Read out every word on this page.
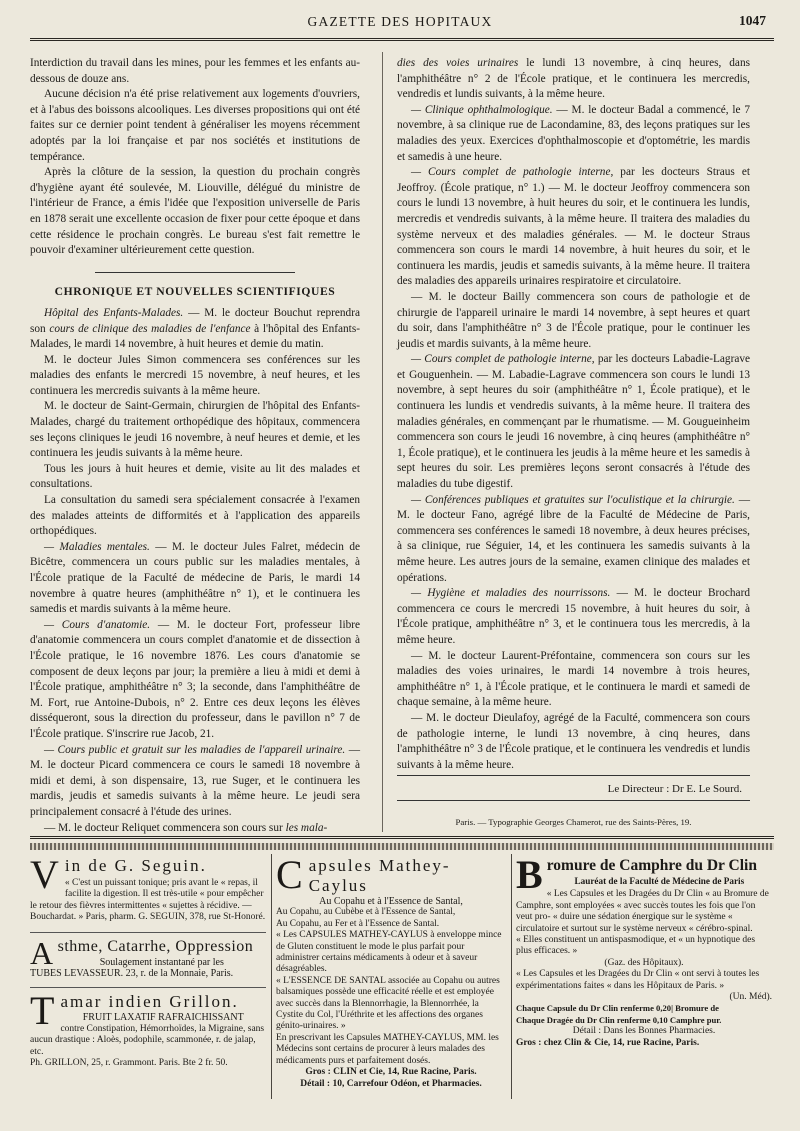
GAZETTE DES HOPITAUX	1047

Interdiction du travail dans les mines, pour les femmes et les enfants au-dessous de douze ans.

Aucune décision n'a été prise relativement aux logements d'ouvriers, et à l'abus des boissons alcooliques. Les diverses propositions qui ont été faites sur ce dernier point tendent à généraliser les moyens récemment adoptés par la loi française et par nos sociétés et institutions de tempérance.

Après la clôture de la session, la question du prochain congrès d'hygiène ayant été soulevée, M. Liouville, délégué du ministre de l'intérieur de France, a émis l'idée que l'exposition universelle de Paris en 1878 serait une excellente occasion de fixer pour cette époque et dans cette résidence le prochain congrès. Le bureau s'est fait remettre le pouvoir d'examiner ultérieurement cette question.

CHRONIQUE ET NOUVELLES SCIENTIFIQUES

Hôpital des Enfants-Malades. — M. le docteur Bouchut reprendra son cours de clinique des maladies de l'enfance à l'hôpital des Enfants-Malades, le mardi 14 novembre, à huit heures et demie du matin.

M. le docteur Jules Simon commencera ses conférences sur les maladies des enfants le mercredi 15 novembre, à neuf heures, et les continuera les mercredis suivants à la même heure.

M. le docteur de Saint-Germain, chirurgien de l'hôpital des Enfants-Malades, chargé du traitement orthopédique des hôpitaux, commencera ses leçons cliniques le jeudi 16 novembre, à neuf heures et demie, et les continuera les jeudis suivants à la même heure.

Tous les jours à huit heures et demie, visite au lit des malades et consultations.

La consultation du samedi sera spécialement consacrée à l'examen des malades atteints de difformités et à l'application des appareils orthopédiques.

— Maladies mentales. — M. le docteur Jules Falret, médecin de Bicêtre, commencera un cours public sur les maladies mentales, à l'École pratique de la Faculté de médecine de Paris, le mardi 14 novembre à quatre heures (amphithéâtre n° 1), et le continuera les samedis et mardis suivants à la même heure.

— Cours d'anatomie. — M. le docteur Fort, professeur libre d'anatomie commencera un cours complet d'anatomie et de dissection à l'École pratique, le 16 novembre 1876. Les cours d'anatomie se composent de deux leçons par jour; la première a lieu à midi et demi à l'École pratique, amphithéâtre n° 3; la seconde, dans l'amphithéâtre de M. Fort, rue Antoine-Dubois, n° 2. Entre ces deux leçons les élèves disséqueront, sous la direction du professeur, dans le pavillon n° 7 de l'École pratique. S'inscrire rue Jacob, 21.

— Cours public et gratuit sur les maladies de l'appareil urinaire. — M. le docteur Picard commencera ce cours le samedi 18 novembre à midi et demi, à son dispensaire, 13, rue Suger, et le continuera les mardis, jeudis et samedis suivants à la même heure. Le jeudi sera principalement consacré à l'étude des urines.

— M. le docteur Reliquet commencera son cours sur les mala-

dies des voies urinaires le lundi 13 novembre, à cinq heures, dans l'amphithéâtre n° 2 de l'École pratique, et le continuera les mercredis, vendredis et lundis suivants, à la même heure.

— Clinique ophthalmologique. — M. le docteur Badal a commencé, le 7 novembre, à sa clinique rue de Lacondamine, 83, des leçons pratiques sur les maladies des yeux. Exercices d'ophthalmoscopie et d'optométrie, les mardis et samedis à une heure.

— Cours complet de pathologie interne, par les docteurs Straus et Jeoffroy. (École pratique, n° 1.) — M. le docteur Jeoffroy commencera son cours le lundi 13 novembre, à huit heures du soir, et le continuera les lundis, mercredis et vendredis suivants, à la même heure. Il traitera des maladies du système nerveux et des maladies générales. — M. le docteur Straus commencera son cours le mardi 14 novembre, à huit heures du soir, et le continuera les mardis, jeudis et samedis suivants, à la même heure. Il traitera des maladies des appareils urinaires respiratoire et circulatoire.

— M. le docteur Bailly commencera son cours de pathologie et de chirurgie de l'appareil urinaire le mardi 14 novembre, à sept heures et quart du soir, dans l'amphithéâtre n° 3 de l'École pratique, pour le continuer les jeudis et mardis suivants, à la même heure.

— Cours complet de pathologie interne, par les docteurs Labadie-Lagrave et Gouguenhein. — M. Labadie-Lagrave commencera son cours le lundi 13 novembre, à sept heures du soir (amphithéâtre n° 1, École pratique), et le continuera les lundis et vendredis suivants, à la même heure. Il traitera des maladies générales, en commençant par le rhumatisme. — M. Gougueinheim commencera son cours le jeudi 16 novembre, à cinq heures (amphithéâtre n° 1, École pratique), et le continuera les jeudis à la même heure et les samedis à sept heures du soir. Les premières leçons seront consacrés à l'étude des maladies du tube digestif.

— Conférences publiques et gratuites sur l'oculistique et la chirurgie. — M. le docteur Fano, agrégé libre de la Faculté de Médecine de Paris, commencera ses conférences le samedi 18 novembre, à deux heures précises, à sa clinique, rue Séguier, 14, et les continuera les samedis suivants à la même heure. Les autres jours de la semaine, examen clinique des malades et opérations.

— Hygiène et maladies des nourrissons. — M. le docteur Brochard commencera ce cours le mercredi 15 novembre, à huit heures du soir, à l'École pratique, amphithéâtre n° 3, et le continuera tous les mercredis, à la même heure.

— M. le docteur Laurent-Préfontaine, commencera son cours sur les maladies des voies urinaires, le mardi 14 novembre à trois heures, amphithéâtre n° 1, à l'École pratique, et le continuera le mardi et samedi de chaque semaine, à la même heure.

— M. le docteur Dieulafoy, agrégé de la Faculté, commencera son cours de pathologie interne, le lundi 13 novembre, à cinq heures, dans l'amphithéâtre n° 3 de l'École pratique, et le continuera les vendredis et lundis suivants à la même heure.

Le Directeur : Dr E. Le Sourd.
Paris. — Typographie Georges Chamerot, rue des Saints-Pères, 19.
Vin de G. Seguin.

« C'est un puissant tonique; pris avant le « repas, il facilite la digestion. Il est très-utile « pour empêcher le retour des fièvres intermittentes « sujettes à récidive. — Bouchardat. » Paris, pharm. G. SEGUIN, 378, rue St-Honoré.

Asthme, Catarrhe, Oppression

Soulagement instantané par les

TUBES LEVASSEUR. 23, r. de la Monnaie, Paris.

Tamar indien Grillon.

FRUIT LAXATIF RAFRAICHISSANT

contre Constipation, Hémorrhoïdes, la Migraine, sans aucun drastique : Aloès, podophile, scammonée, r. de jalap, etc.

Ph. GRILLON, 25, r. Grammont. Paris. Bte 2 fr. 50.

Capsules Mathey-Caylus

Au Copahu et à l'Essence de Santal,

Au Copahu, au Cubèbe et à l'Essence de Santal,

Au Copahu, au Fer et à l'Essence de Santal.

« Les CAPSULES MATHEY-CAYLUS à enveloppe mince de Gluten constituent le mode le plus parfait pour administrer certains médicaments à odeur et à saveur désagréables.

« L'ESSENCE DE SANTAL associée au Copahu ou autres balsamiques possède une efficacité réelle et est employée avec succès dans la Blennorrhagie, la Blennorrhée, la Cystite du Col, l'Uréthrite et les affections des organes génito-urinaires. »

En prescrivant les Capsules MATHEY-CAYLUS, MM. les Médecins sont certains de procurer à leurs malades des médicaments purs et parfaitement dosés.

Gros : CLIN et Cie, 14, Rue Racine, Paris.

Détail : 10, Carrefour Odéon, et Pharmacies.

Bromure de Camphre du Dr Clin

Lauréat de la Faculté de Médecine de Paris

« Les Capsules et les Dragées du Dr Clin « au Bromure de Camphre, sont employées « avec succès toutes les fois que l'on veut pro- « duire une sédation énergique sur le système « circulatoire et surtout sur le système nerveux « cérébro-spinal.

« Elles constituent un antispasmodique, et « un hypnotique des plus efficaces. »

(Gaz. des Hôpitaux).

« Les Capsules et les Dragées du Dr Clin « ont servi à toutes les expérimentations faites « dans les Hôpitaux de Paris. »

(Un. Méd).

Chaque Capsule du Dr Clin renferme 0,20| Bromure de

Chaque Dragée du Dr Clin renferme 0,10 Camphre pur.

Détail : Dans les Bonnes Pharmacies.

Gros : chez Clin & Cie, 14, rue Racine, Paris.
